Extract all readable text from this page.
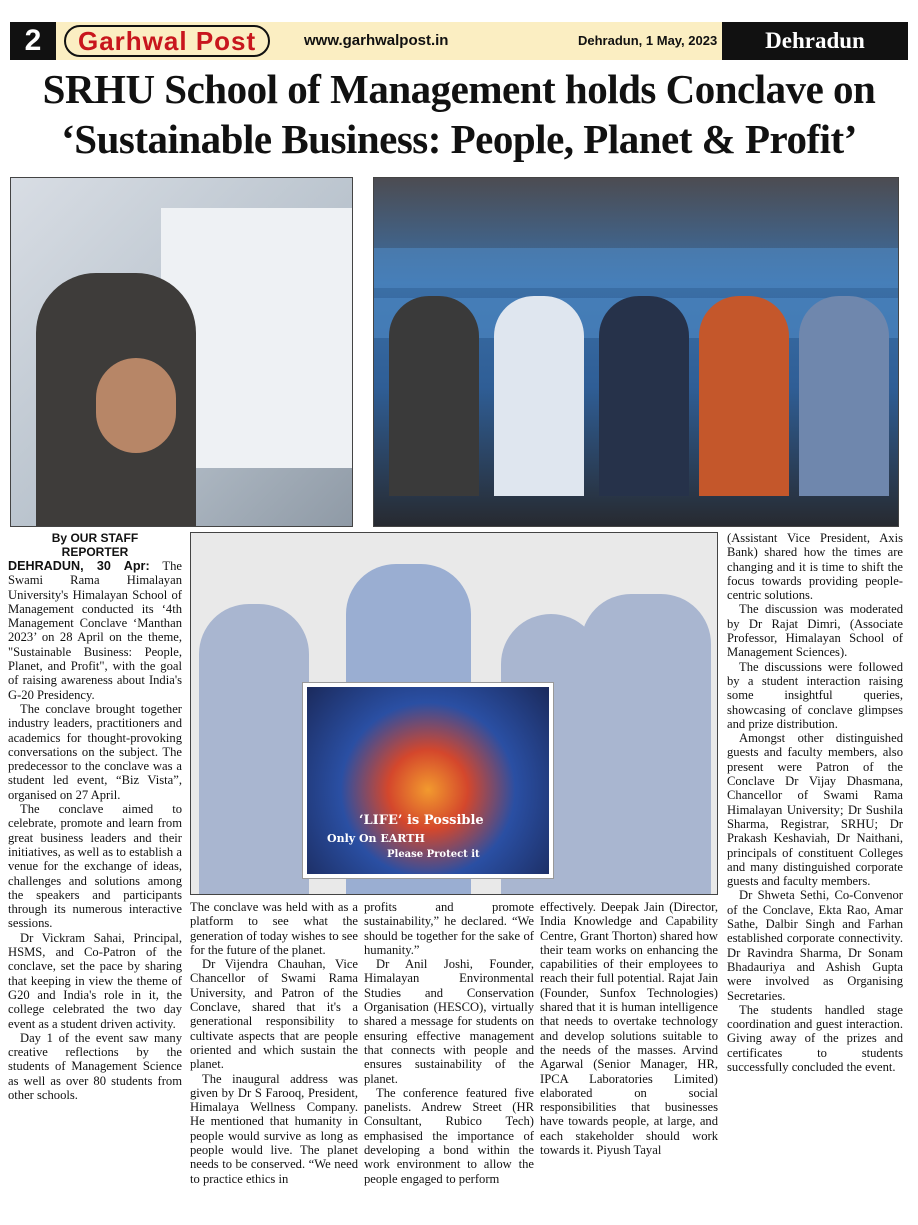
2	Garhwal Post	www.garhwalpost.in	Dehradun, 1 May, 2023	Dehradun
SRHU School of Management holds Conclave on
‘Sustainable Business: People, Planet & Profit’
‘LIFE’ is Possible
Only On EARTH
Please Protect it
By OUR STAFF
REPORTER

DEHRADUN, 30 Apr: The Swami Rama Himalayan University's Himalayan School of Management conducted its ‘4th Management Conclave ‘Manthan 2023’ on 28 April on the theme, "Sustainable Business: People, Planet, and Profit", with the goal of raising awareness about India's G-20 Presidency.

The conclave brought together industry leaders, practitioners and academics for thought-provoking conversations on the subject. The predecessor to the conclave was a student led event, “Biz Vista”, organised on 27 April.

The conclave aimed to celebrate, promote and learn from great business leaders and their initiatives, as well as to establish a venue for the exchange of ideas, challenges and solutions among the speakers and participants through its numerous interactive sessions.

Dr Vickram Sahai, Principal, HSMS, and Co-Patron of the conclave, set the pace by sharing that keeping in view the theme of G20 and India's role in it, the college celebrated the two day event as a student driven activity.

Day 1 of the event saw many creative reflections by the students of Management Science as well as over 80 students from other schools.

The conclave was held with as a platform to see what the generation of today wishes to see for the future of the planet.

Dr Vijendra Chauhan, Vice Chancellor of Swami Rama University, and Patron of the Conclave, shared that it's a generational responsibility to cultivate aspects that are people oriented and which sustain the planet.

The inaugural address was given by Dr S Farooq, President, Himalaya Wellness Company. He mentioned that humanity in people would survive as long as people would live. The planet needs to be conserved. “We need to practice ethics in

profits and promote sustainability,” he declared. “We should be together for the sake of humanity.”

Dr Anil Joshi, Founder, Himalayan Environmental Studies and Conservation Organisation (HESCO), virtually shared a message for students on ensuring effective management that connects with people and ensures sustainability of the planet.

The conference featured five panelists. Andrew Street (HR Consultant, Rubico Tech) emphasised the importance of developing a bond within the work environment to allow the people engaged to perform

effectively. Deepak Jain (Director, India Knowledge and Capability Centre, Grant Thorton) shared how their team works on enhancing the capabilities of their employees to reach their full potential. Rajat Jain (Founder, Sunfox Technologies) shared that it is human intelligence that needs to overtake technology and develop solutions suitable to the needs of the masses. Arvind Agarwal (Senior Manager, HR, IPCA Laboratories Limited) elaborated on social responsibilities that businesses have towards people, at large, and each stakeholder should work towards it. Piyush Tayal

(Assistant Vice President, Axis Bank) shared how the times are changing and it is time to shift the focus towards providing people-centric solutions.

The discussion was moderated by Dr Rajat Dimri, (Associate Professor, Himalayan School of Management Sciences).

The discussions were followed by a student interaction raising some insightful queries, showcasing of conclave glimpses and prize distribution.

Amongst other distinguished guests and faculty members, also present were Patron of the Conclave Dr Vijay Dhasmana, Chancellor of Swami Rama Himalayan University; Dr Sushila Sharma, Registrar, SRHU; Dr Prakash Keshaviah, Dr Naithani, principals of constituent Colleges and many distinguished corporate guests and faculty members.

Dr Shweta Sethi, Co-Convenor of the Conclave, Ekta Rao, Amar Sathe, Dalbir Singh and Farhan established corporate connectivity. Dr Ravindra Sharma, Dr Sonam Bhadauriya and Ashish Gupta were involved as Organising Secretaries.

The students handled stage coordination and guest interaction. Giving away of the prizes and certificates to students successfully concluded the event.
